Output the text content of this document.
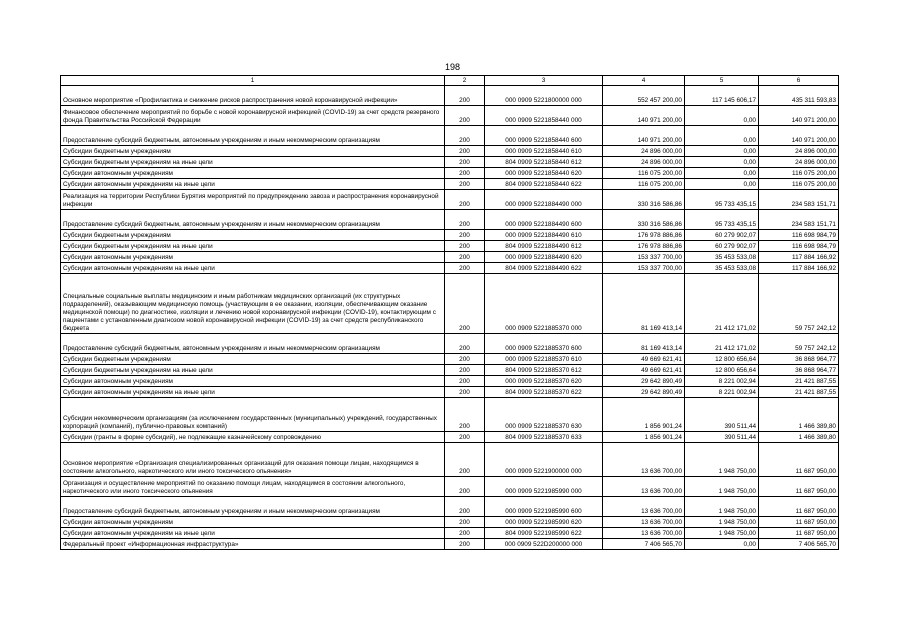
198
1	2	3	4	5	6
Основное мероприятие «Профилактика и снижение рисков распространения новой коронавирусной инфекции»	200	000 0909 5221800000 000	552 457 200,00	117 145 606,17	435 311 593,83
Финансовое обеспечение мероприятий по борьбе с новой коронавирусной инфекцией (COVID-19) за счет средств резервного фонда Правительства Российской Федерации	200	000 0909 5221858440 000	140 971 200,00	0,00	140 971 200,00
Предоставление субсидий бюджетным, автономным учреждениям и иным некоммерческим организациям	200	000 0909 5221858440 600	140 971 200,00	0,00	140 971 200,00
Субсидии бюджетным учреждениям	200	000 0909 5221858440 610	24 896 000,00	0,00	24 896 000,00
Субсидии бюджетным учреждениям на иные цели	200	804 0909 5221858440 612	24 896 000,00	0,00	24 896 000,00
Субсидии автономным учреждениям	200	000 0909 5221858440 620	116 075 200,00	0,00	116 075 200,00
Субсидии автономным учреждениям на иные цели	200	804 0909 5221858440 622	116 075 200,00	0,00	116 075 200,00
Реализация на территории Республики Бурятия мероприятий по предупреждению завоза и распространения коронавирусной инфекции	200	000 0909 5221884490 000	330 316 586,86	95 733 435,15	234 583 151,71
Предоставление субсидий бюджетным, автономным учреждениям и иным некоммерческим организациям	200	000 0909 5221884490 600	330 316 586,86	95 733 435,15	234 583 151,71
Субсидии бюджетным учреждениям	200	000 0909 5221884490 610	176 978 886,86	60 279 902,07	116 698 984,79
Субсидии бюджетным учреждениям на иные цели	200	804 0909 5221884490 612	176 978 886,86	60 279 902,07	116 698 984,79
Субсидии автономным учреждениям	200	000 0909 5221884490 620	153 337 700,00	35 453 533,08	117 884 166,92
Субсидии автономным учреждениям на иные цели	200	804 0909 5221884490 622	153 337 700,00	35 453 533,08	117 884 166,92
Специальные социальные выплаты медицинским и иным работникам медицинских организаций (их структурных подразделений), оказывающим медицинскую помощь (участвующим в ее оказании, изоляции, обеспечивающим оказание медицинской помощи) по диагностике, изоляции и лечению новой коронавирусной инфекции (COVID-19), контактирующим с пациентами с установленным диагнозом новой коронавирусной инфекции (COVID-19) за счет средств республиканского бюджета	200	000 0909 5221885370 000	81 169 413,14	21 412 171,02	59 757 242,12
Предоставление субсидий бюджетным, автономным учреждениям и иным некоммерческим организациям	200	000 0909 5221885370 600	81 169 413,14	21 412 171,02	59 757 242,12
Субсидии бюджетным учреждениям	200	000 0909 5221885370 610	49 669 621,41	12 800 656,64	36 868 964,77
Субсидии бюджетным учреждениям на иные цели	200	804 0909 5221885370 612	49 669 621,41	12 800 656,64	36 868 964,77
Субсидии автономным учреждениям	200	000 0909 5221885370 620	29 642 890,49	8 221 002,94	21 421 887,55
Субсидии автономным учреждениям на иные цели	200	804 0909 5221885370 622	29 642 890,49	8 221 002,94	21 421 887,55
Субсидии некоммерческим организациям (за исключением государственных (муниципальных) учреждений, государственных корпораций (компаний), публично-правовых компаний)	200	000 0909 5221885370 630	1 856 901,24	390 511,44	1 466 389,80
Субсидии (гранты в форме субсидий), не подлежащие казначейскому сопровождению	200	804 0909 5221885370 633	1 856 901,24	390 511,44	1 466 389,80
Основное мероприятие «Организация специализированных организаций для оказания помощи лицам, находящимся в состоянии алкогольного, наркотического или иного токсического опьянения»	200	000 0909 5221900000 000	13 636 700,00	1 948 750,00	11 687 950,00
Организация и осуществление мероприятий по оказанию помощи лицам, находящимся в состоянии алкогольного, наркотического или иного токсического опьянения	200	000 0909 5221985990 000	13 636 700,00	1 948 750,00	11 687 950,00
Предоставление субсидий бюджетным, автономным учреждениям и иным некоммерческим организациям	200	000 0909 5221985990 600	13 636 700,00	1 948 750,00	11 687 950,00
Субсидии автономным учреждениям	200	000 0909 5221985990 620	13 636 700,00	1 948 750,00	11 687 950,00
Субсидии автономным учреждениям на иные цели	200	804 0909 5221985990 622	13 636 700,00	1 948 750,00	11 687 950,00
Федеральный проект «Информационная инфраструктура»	200	000 0909 522D200000 000	7 406 565,70	0,00	7 406 565,70
